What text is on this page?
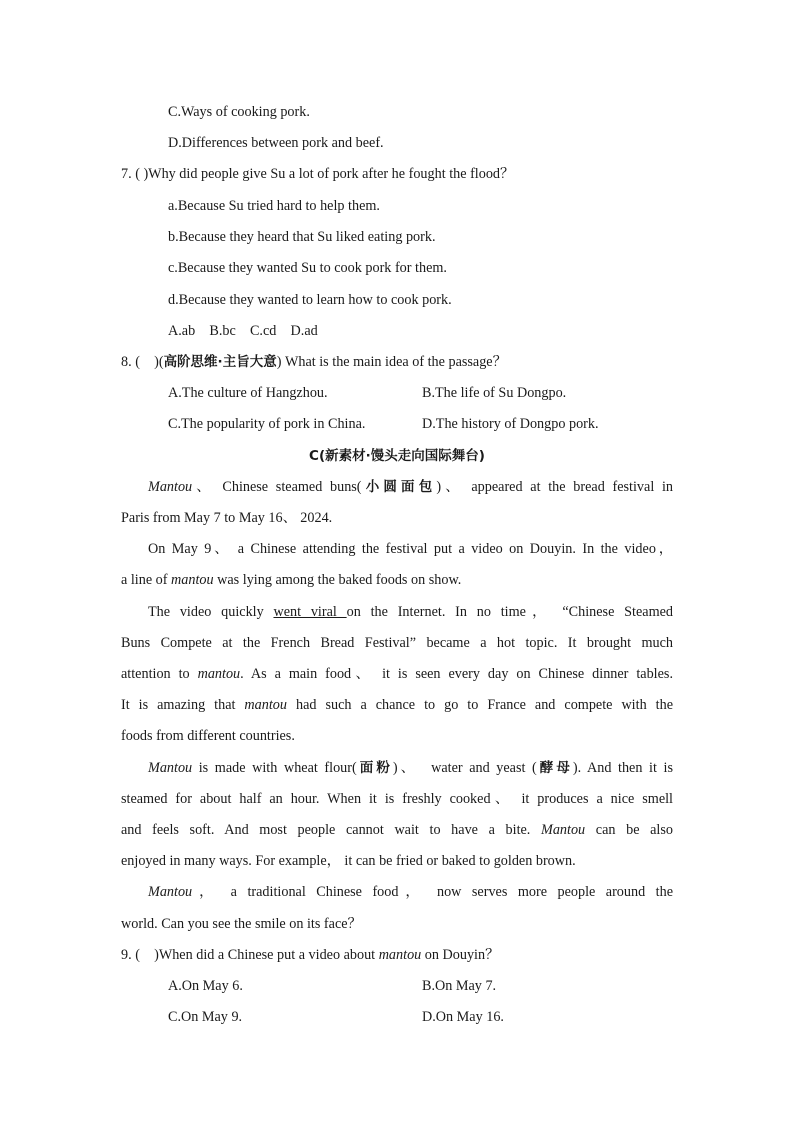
C.Ways of cooking pork.
D.Differences between pork and beef.
7. ( )Why did people give Su a lot of pork after he fought the flood？
a.Because Su tried hard to help them.
b.Because they heard that Su liked eating pork.
c.Because they wanted Su to cook pork for them.
d.Because they wanted to learn how to cook pork.
A.ab    B.bc    C.cd    D.ad
8. (    )(高阶思维·主旨大意) What is the main idea of the passage？
A.The culture of Hangzhou.	B.The life of Su Dongpo.
C.The popularity of pork in China.	D.The history of Dongpo pork.
C(新素材·馒头走向国际舞台)
Mantou、 Chinese steamed buns(小圆面包)、 appeared at the bread festival in
Paris from May 7 to May 16、 2024.
On May 9、 a Chinese attending the festival put a video on Douyin. In the video，
a line of mantou was lying among the baked foods on show.
The video quickly went viral on the Internet. In no time， “Chinese Steamed
Buns Compete at the French Bread Festival” became a hot topic. It brought much
attention to mantou. As a main food、 it is seen every day on Chinese dinner tables.
It is amazing that mantou had such a chance to go to France and compete with the
foods from different countries.
Mantou is made with wheat flour(面粉)、  water and yeast (酵母). And then it is
steamed for about half an hour. When it is freshly cooked、 it produces a nice smell
and feels soft. And most people cannot wait to have a bite. Mantou can be also
enjoyed in many ways. For example， it can be fried or baked to golden brown.
Mantou， a traditional Chinese food， now serves more people around the
world. Can you see the smile on its face？
9. (    )When did a Chinese put a video about mantou on Douyin？
A.On May 6.	B.On May 7.
C.On May 9.	D.On May 16.
